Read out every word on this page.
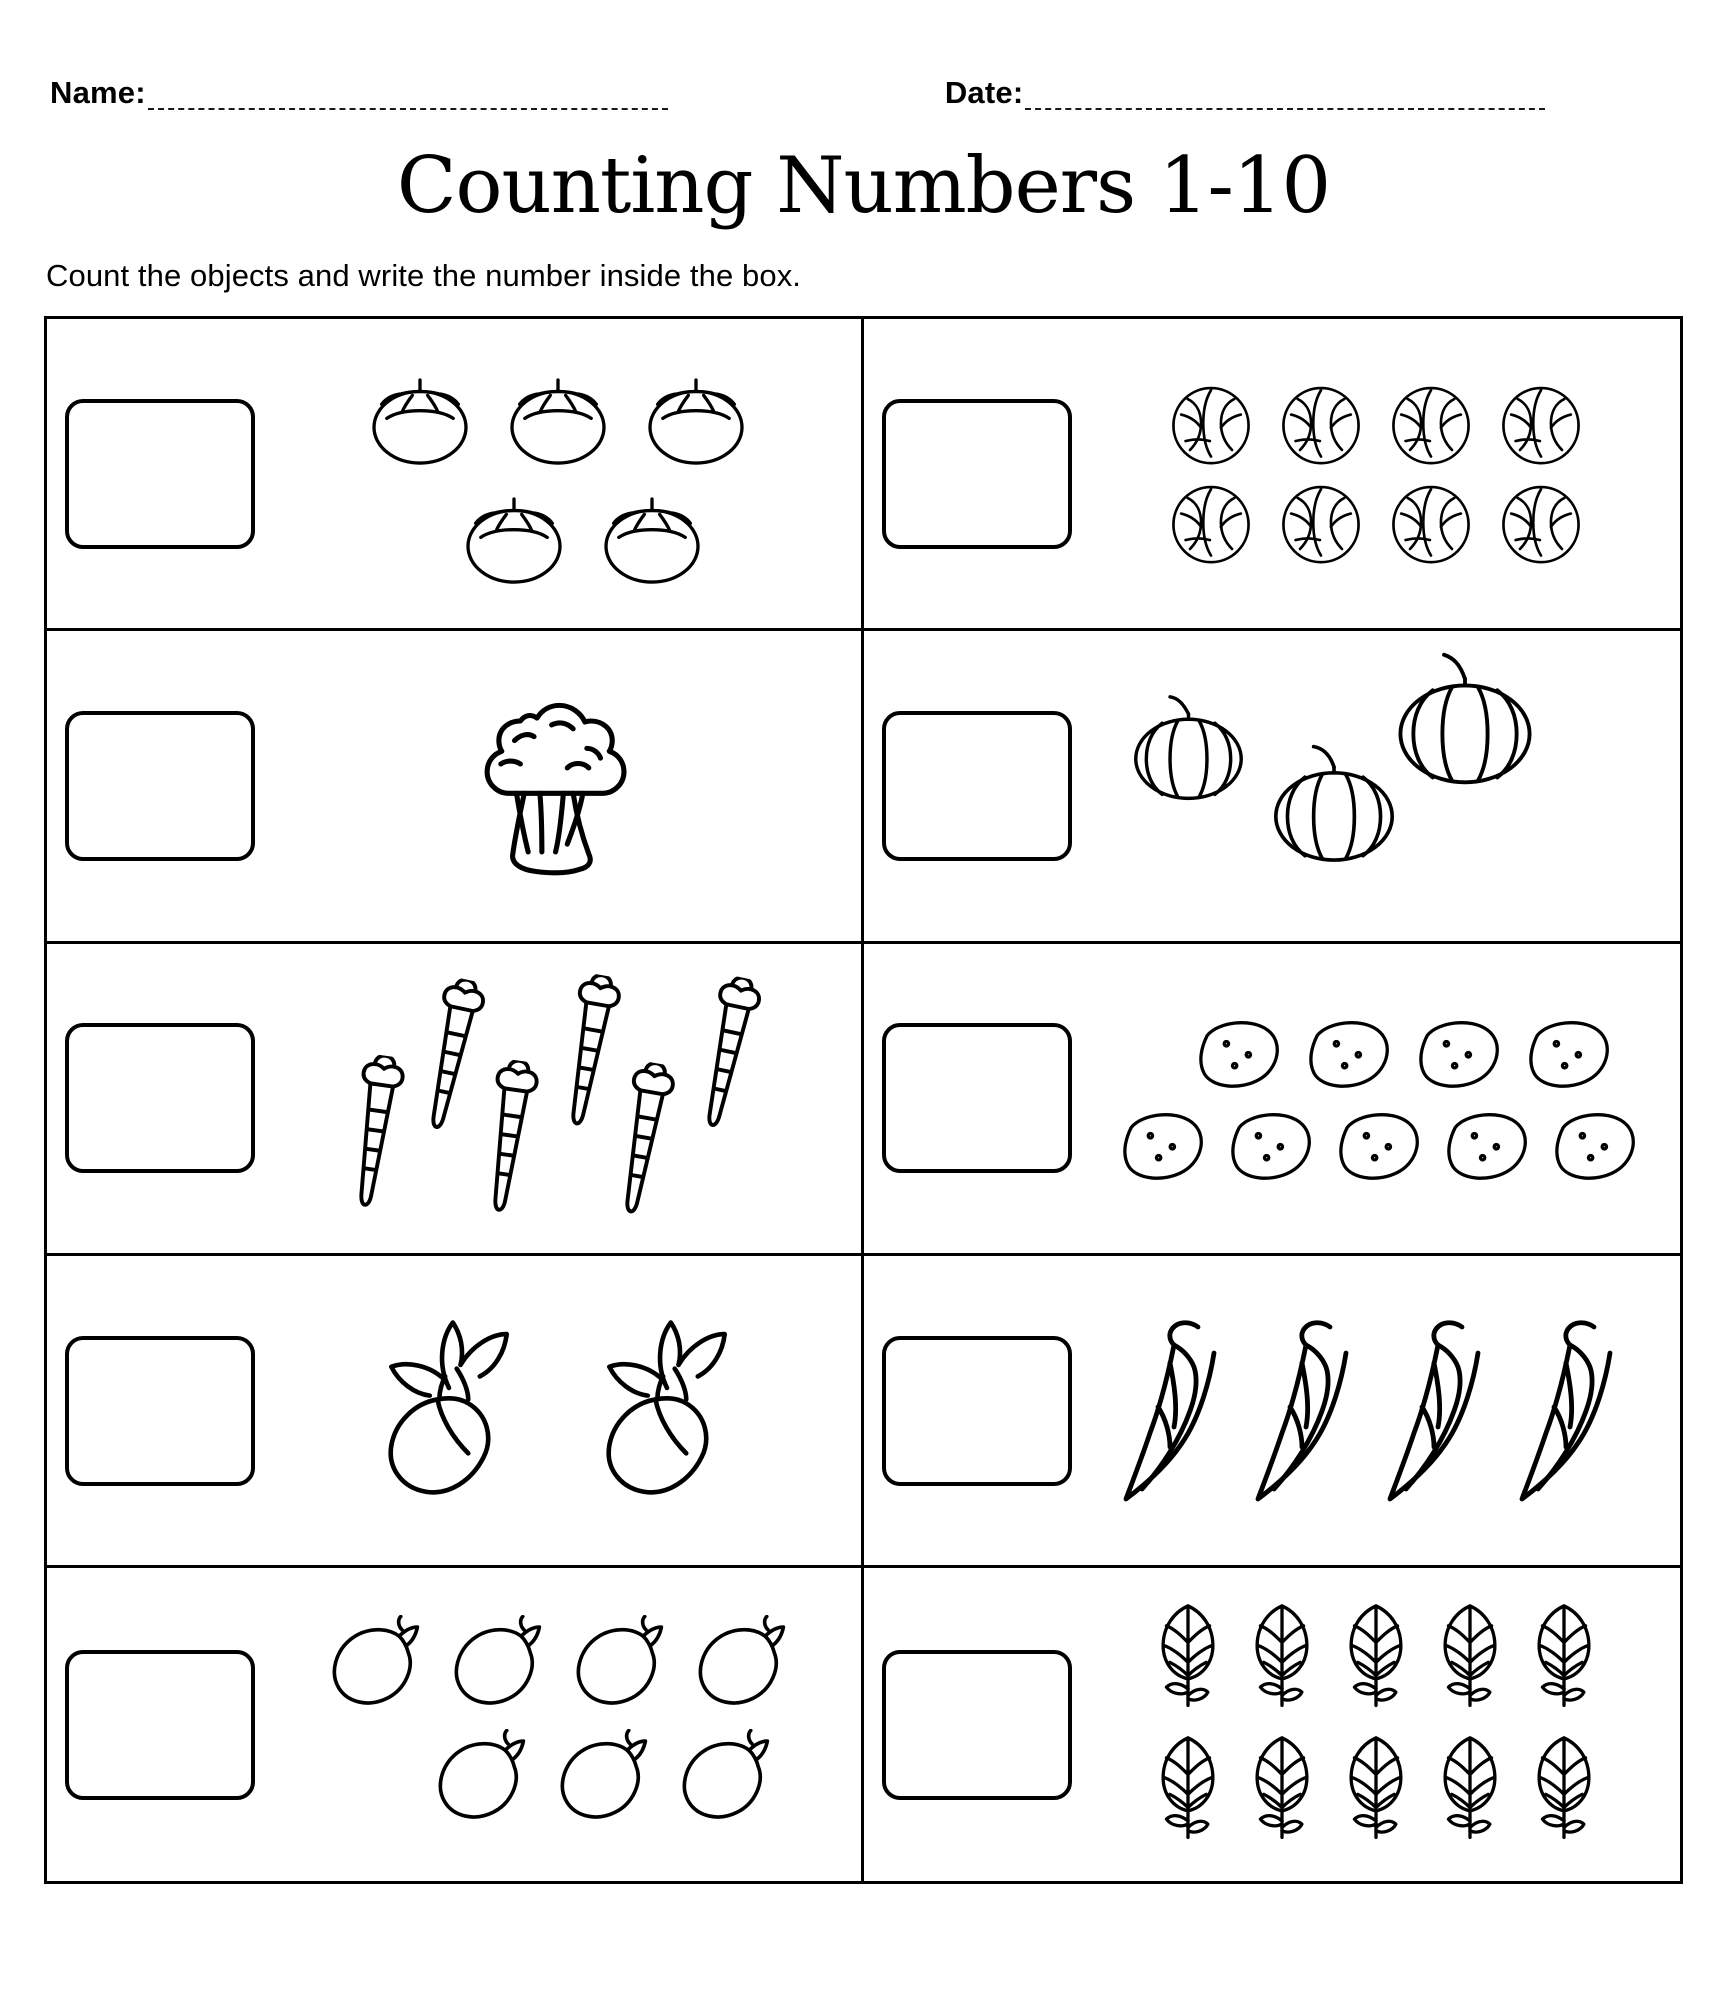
Name:	Date:
Counting Numbers 1-10

Count the objects and write the number inside the box.
